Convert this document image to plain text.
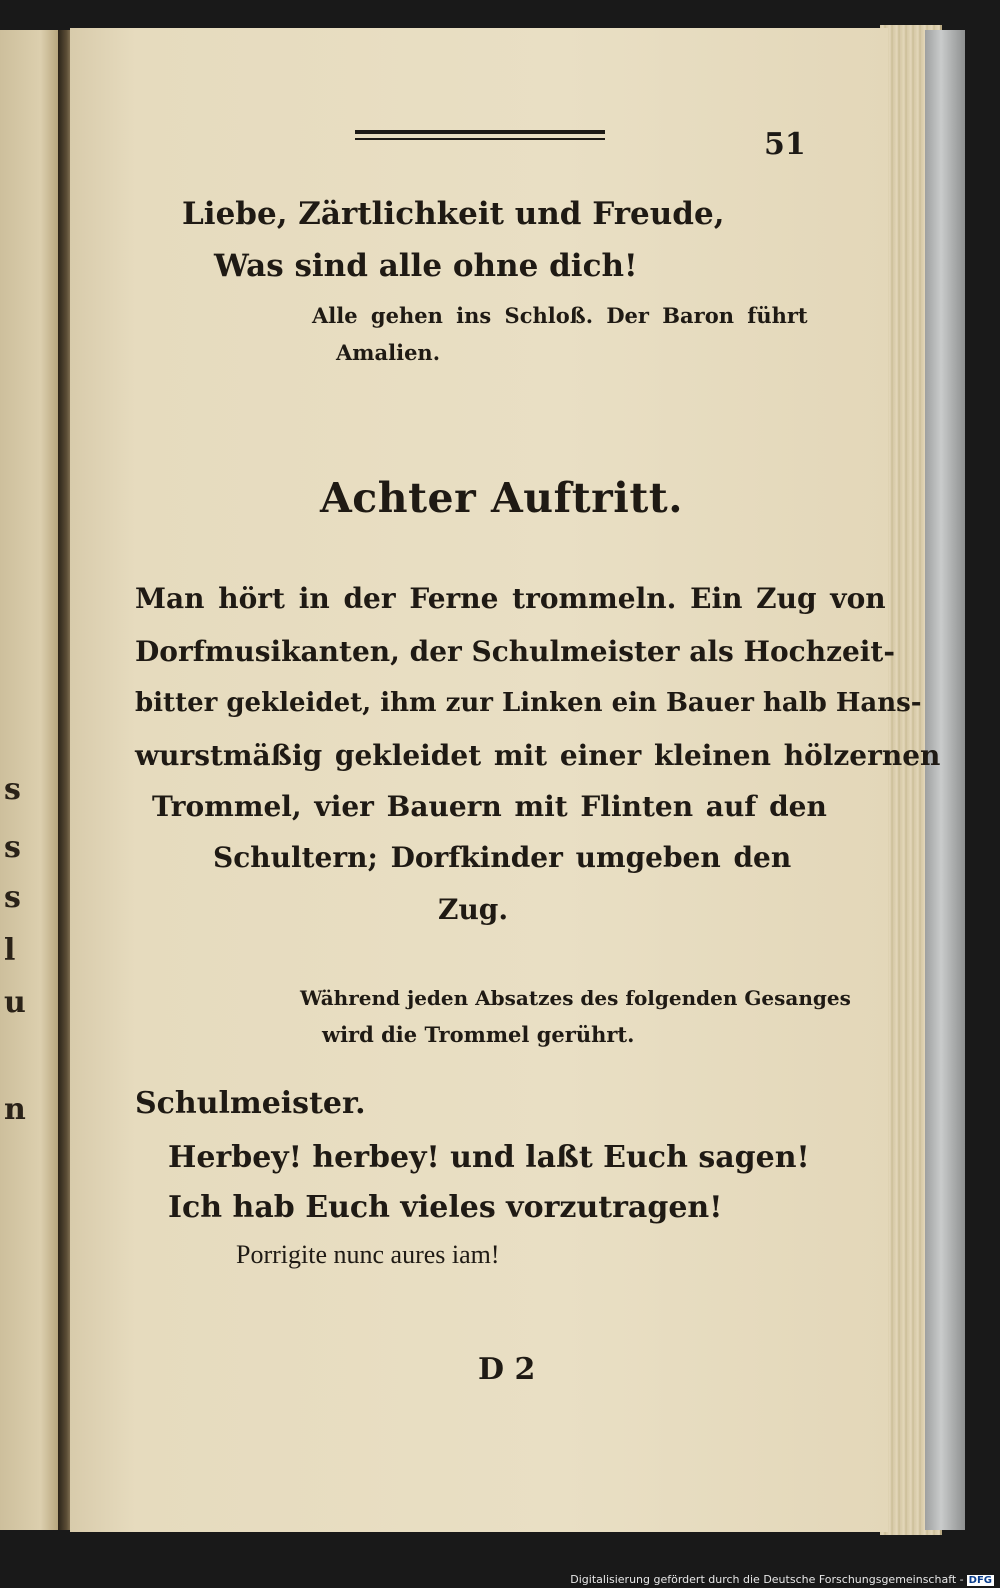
s
s
s
l
u
n
51
Liebe, Zärtlichkeit und Freude,
Was sind alle ohne dich!
Alle gehen ins Schloß. Der Baron führt
Amalien.
Achter Auftritt.
Man hört in der Ferne trommeln. Ein Zug von
Dorfmusikanten, der Schulmeister als Hochzeit-
bitter gekleidet, ihm zur Linken ein Bauer halb Hans-
wurstmäßig gekleidet mit einer kleinen hölzernen
Trommel, vier Bauern mit Flinten auf den
Schultern; Dorfkinder umgeben den
Zug.
Während jeden Absatzes des folgenden Gesanges
wird die Trommel gerührt.
Schulmeister.
Herbey! herbey! und laßt Euch sagen!
Ich hab Euch vieles vorzutragen!
Porrigite nunc aures iam!
D 2
Digitalisierung gefördert durch die Deutsche Forschungsgemeinschaft - DFG
